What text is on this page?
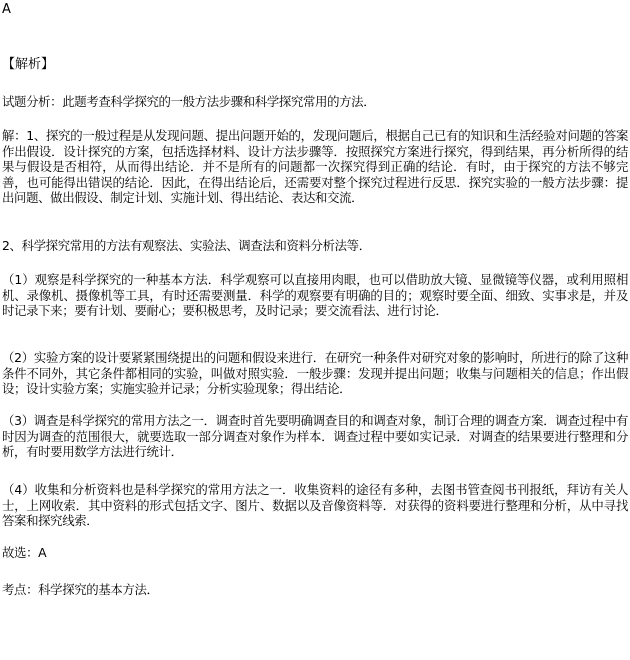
A
【解析】

试题分析：此题考查科学探究的一般方法步骤和科学探究常用的方法．

解：1、探究的一般过程是从发现问题、提出问题开始的，发现问题后，根据自己已有的知识和生活经验对问题的答案作出假设．设计探究的方案，包括选择材料、设计方法步骤等．按照探究方案进行探究，得到结果，再分析所得的结果与假设是否相符，从而得出结论．并不是所有的问题都一次探究得到正确的结论．有时，由于探究的方法不够完善，也可能得出错误的结论．因此，在得出结论后，还需要对整个探究过程进行反思．探究实验的一般方法步骤：提出问题、做出假设、制定计划、实施计划、得出结论、表达和交流．

2、科学探究常用的方法有观察法、实验法、调查法和资料分析法等．

（1）观察是科学探究的一种基本方法．科学观察可以直接用肉眼，也可以借助放大镜、显微镜等仪器，或利用照相机、录像机、摄像机等工具，有时还需要测量．科学的观察要有明确的目的；观察时要全面、细致、实事求是，并及时记录下来；要有计划、要耐心；要积极思考，及时记录；要交流看法、进行讨论．

（2）实验方案的设计要紧紧围绕提出的问题和假设来进行．在研究一种条件对研究对象的影响时，所进行的除了这种条件不同外，其它条件都相同的实验，叫做对照实验．一般步骤：发现并提出问题；收集与问题相关的信息；作出假设；设计实验方案；实施实验并记录；分析实验现象；得出结论．

（3）调查是科学探究的常用方法之一．调查时首先要明确调查目的和调查对象，制订合理的调查方案．调查过程中有时因为调查的范围很大，就要选取一部分调查对象作为样本．调查过程中要如实记录．对调查的结果要进行整理和分析，有时要用数学方法进行统计．

（4）收集和分析资料也是科学探究的常用方法之一．收集资料的途径有多种，去图书管查阅书刊报纸，拜访有关人士，上网收索．其中资料的形式包括文字、图片、数据以及音像资料等．对获得的资料要进行整理和分析，从中寻找答案和探究线索．

故选：A

考点：科学探究的基本方法．
